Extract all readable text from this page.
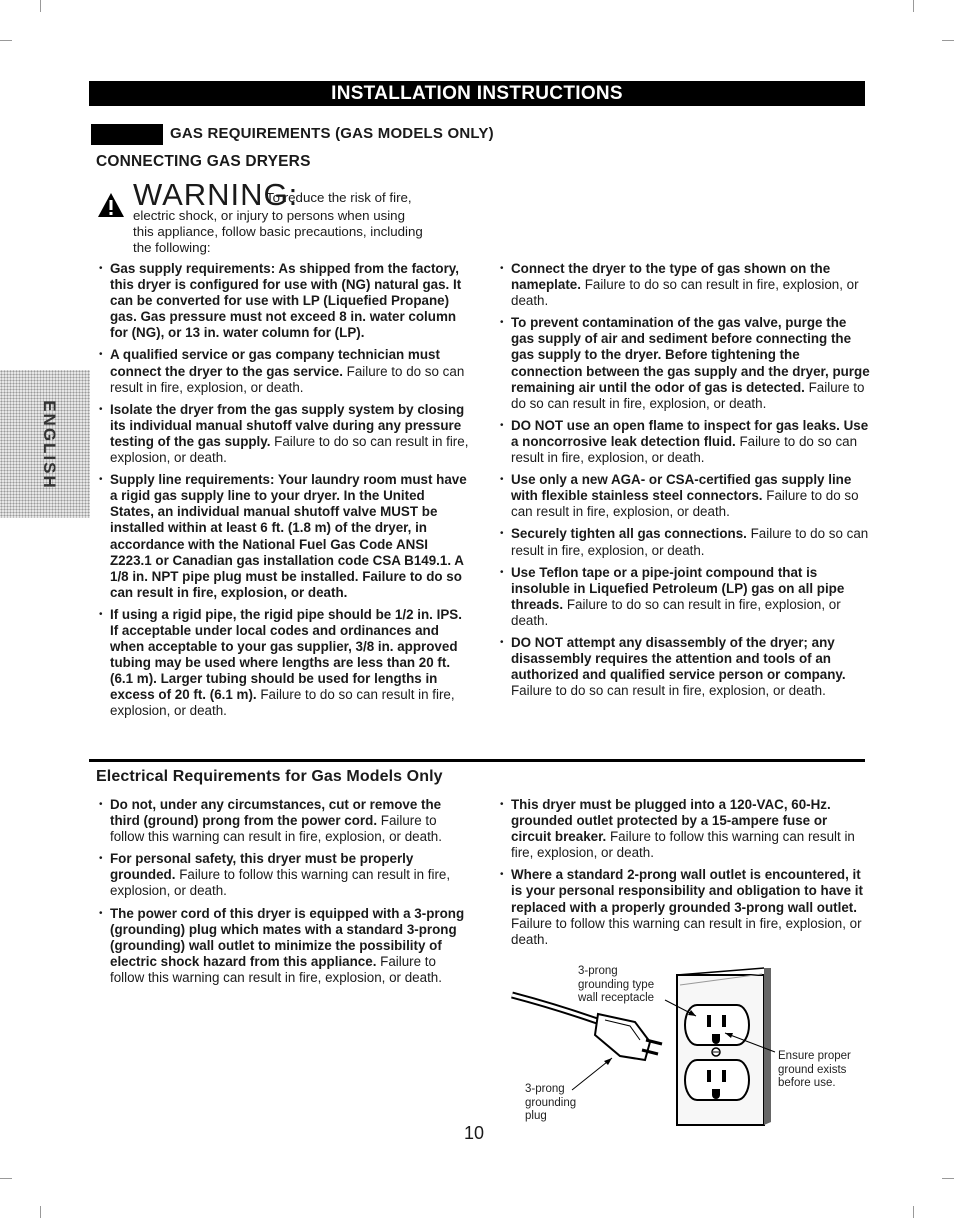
INSTALLATION INSTRUCTIONS
GAS REQUIREMENTS (GAS MODELS ONLY)
CONNECTING GAS DRYERS
ENGLISH
WARNING:
To reduce the risk of fire,
electric shock, or injury to persons when using
this appliance, follow basic precautions, including
the following:
• Gas supply requirements: As shipped from the factory, this dryer is configured for use with (NG) natural gas. It can be converted for use with LP (Liquefied Propane) gas. Gas pressure must not exceed 8 in. water column for (NG), or 13 in. water column for (LP).
• A qualified service or gas company technician must connect the dryer to the gas service. Failure to do so can result in fire, explosion, or death.
• Isolate the dryer from the gas supply system by closing its individual manual shutoff valve during any pressure testing of the gas supply. Failure to do so can result in fire, explosion, or death.
• Supply line requirements: Your laundry room must have a rigid gas supply line to your dryer. In the United States, an individual manual shutoff valve MUST be installed within at least 6 ft. (1.8 m) of the dryer, in accordance with the National Fuel Gas Code ANSI Z223.1 or Canadian gas installation code CSA B149.1. A 1/8 in. NPT pipe plug must be installed. Failure to do so can result in fire, explosion, or death.
• If using a rigid pipe, the rigid pipe should be 1/2 in. IPS. If acceptable under local codes and ordinances and when acceptable to your gas supplier, 3/8 in. approved tubing may be used where lengths are less than 20 ft. (6.1 m). Larger tubing should be used for lengths in excess of 20 ft. (6.1 m). Failure to do so can result in fire, explosion, or death.
• Connect the dryer to the type of gas shown on the nameplate. Failure to do so can result in fire, explosion, or death.
• To prevent contamination of the gas valve, purge the gas supply of air and sediment before connecting the gas supply to the dryer. Before tightening the connection between the gas supply and the dryer, purge remaining air until the odor of gas is detected. Failure to do so can result in fire, explosion, or death.
• DO NOT use an open flame to inspect for gas leaks. Use a noncorrosive leak detection fluid. Failure to do so can result in fire, explosion, or death.
• Use only a new AGA- or CSA-certified gas supply line with flexible stainless steel connectors. Failure to do so can result in fire, explosion, or death.
• Securely tighten all gas connections. Failure to do so can result in fire, explosion, or death.
• Use Teflon tape or a pipe-joint compound that is insoluble in Liquefied Petroleum (LP) gas on all pipe threads. Failure to do so can result in fire, explosion, or death.
• DO NOT attempt any disassembly of the dryer; any disassembly requires the attention and tools of an authorized and qualified service person or company. Failure to do so can result in fire, explosion, or death.
Electrical Requirements for Gas Models Only
• Do not, under any circumstances, cut or remove the third (ground) prong from the power cord. Failure to follow this warning can result in fire, explosion, or death.
• For personal safety, this dryer must be properly grounded. Failure to follow this warning can result in fire, explosion, or death.
• The power cord of this dryer is equipped with a 3-prong (grounding) plug which mates with a standard 3-prong (grounding) wall outlet to minimize the possibility of electric shock hazard from this appliance. Failure to follow this warning can result in fire, explosion, or death.
• This dryer must be plugged into a 120-VAC, 60-Hz. grounded outlet protected by a 15-ampere fuse or circuit breaker. Failure to follow this warning can result in fire, explosion, or death.
• Where a standard 2-prong wall outlet is encountered, it is your personal responsibility and obligation to have it replaced with a properly grounded 3-prong wall outlet. Failure to follow this warning can result in fire, explosion, or death.
3-prong
grounding type
wall receptacle
Ensure proper
ground exists
before use.
3-prong
grounding
plug
10
